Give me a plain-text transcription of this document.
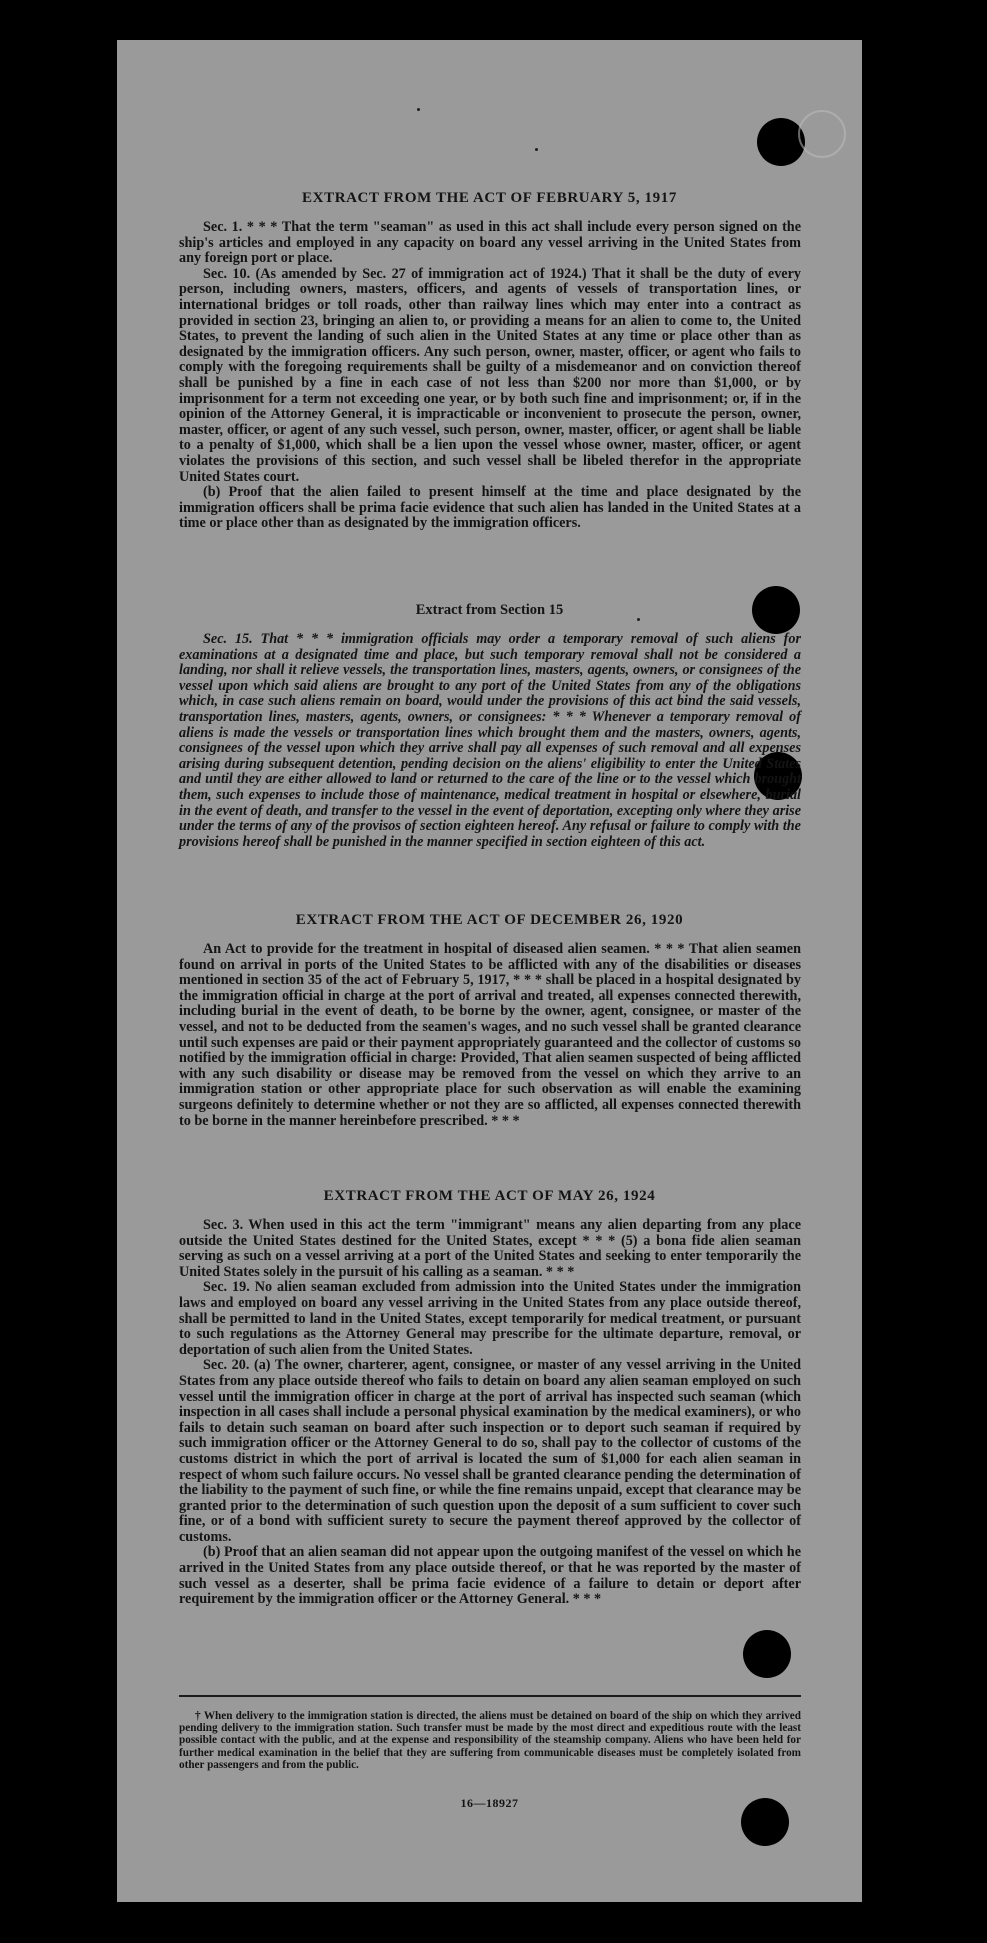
EXTRACT FROM THE ACT OF FEBRUARY 5, 1917

Sec. 1. * * * That the term "seaman" as used in this act shall include every person signed on the ship's articles and employed in any capacity on board any vessel arriving in the United States from any foreign port or place.

Sec. 10. (As amended by Sec. 27 of immigration act of 1924.) That it shall be the duty of every person, including owners, masters, officers, and agents of vessels of transportation lines, or international bridges or toll roads, other than railway lines which may enter into a contract as provided in section 23, bringing an alien to, or providing a means for an alien to come to, the United States, to prevent the landing of such alien in the United States at any time or place other than as designated by the immigration officers. Any such person, owner, master, officer, or agent who fails to comply with the foregoing requirements shall be guilty of a misdemeanor and on conviction thereof shall be punished by a fine in each case of not less than $200 nor more than $1,000, or by imprisonment for a term not exceeding one year, or by both such fine and imprisonment; or, if in the opinion of the Attorney General, it is impracticable or inconvenient to prosecute the person, owner, master, officer, or agent of any such vessel, such person, owner, master, officer, or agent shall be liable to a penalty of $1,000, which shall be a lien upon the vessel whose owner, master, officer, or agent violates the provisions of this section, and such vessel shall be libeled therefor in the appropriate United States court.

(b) Proof that the alien failed to present himself at the time and place designated by the immigration officers shall be prima facie evidence that such alien has landed in the United States at a time or place other than as designated by the immigration officers.

Extract from Section 15

Sec. 15. That * * * immigration officials may order a temporary removal of such aliens for examinations at a designated time and place, but such temporary removal shall not be considered a landing, nor shall it relieve vessels, the transportation lines, masters, agents, owners, or consignees of the vessel upon which said aliens are brought to any port of the United States from any of the obligations which, in case such aliens remain on board, would under the provisions of this act bind the said vessels, transportation lines, masters, agents, owners, or consignees: * * * Whenever a temporary removal of aliens is made the vessels or transportation lines which brought them and the masters, owners, agents, consignees of the vessel upon which they arrive shall pay all expenses of such removal and all expenses arising during subsequent detention, pending decision on the aliens' eligibility to enter the United States and until they are either allowed to land or returned to the care of the line or to the vessel which brought them, such expenses to include those of maintenance, medical treatment in hospital or elsewhere, burial in the event of death, and transfer to the vessel in the event of deportation, excepting only where they arise under the terms of any of the provisos of section eighteen hereof. Any refusal or failure to comply with the provisions hereof shall be punished in the manner specified in section eighteen of this act.

EXTRACT FROM THE ACT OF DECEMBER 26, 1920

An Act to provide for the treatment in hospital of diseased alien seamen. * * * That alien seamen found on arrival in ports of the United States to be afflicted with any of the disabilities or diseases mentioned in section 35 of the act of February 5, 1917, * * * shall be placed in a hospital designated by the immigration official in charge at the port of arrival and treated, all expenses connected therewith, including burial in the event of death, to be borne by the owner, agent, consignee, or master of the vessel, and not to be deducted from the seamen's wages, and no such vessel shall be granted clearance until such expenses are paid or their payment appropriately guaranteed and the collector of customs so notified by the immigration official in charge: Provided, That alien seamen suspected of being afflicted with any such disability or disease may be removed from the vessel on which they arrive to an immigration station or other appropriate place for such observation as will enable the examining surgeons definitely to determine whether or not they are so afflicted, all expenses connected therewith to be borne in the manner hereinbefore prescribed. * * *

EXTRACT FROM THE ACT OF MAY 26, 1924

Sec. 3. When used in this act the term "immigrant" means any alien departing from any place outside the United States destined for the United States, except * * * (5) a bona fide alien seaman serving as such on a vessel arriving at a port of the United States and seeking to enter temporarily the United States solely in the pursuit of his calling as a seaman. * * *

Sec. 19. No alien seaman excluded from admission into the United States under the immigration laws and employed on board any vessel arriving in the United States from any place outside thereof, shall be permitted to land in the United States, except temporarily for medical treatment, or pursuant to such regulations as the Attorney General may prescribe for the ultimate departure, removal, or deportation of such alien from the United States.

Sec. 20. (a) The owner, charterer, agent, consignee, or master of any vessel arriving in the United States from any place outside thereof who fails to detain on board any alien seaman employed on such vessel until the immigration officer in charge at the port of arrival has inspected such seaman (which inspection in all cases shall include a personal physical examination by the medical examiners), or who fails to detain such seaman on board after such inspection or to deport such seaman if required by such immigration officer or the Attorney General to do so, shall pay to the collector of customs of the customs district in which the port of arrival is located the sum of $1,000 for each alien seaman in respect of whom such failure occurs. No vessel shall be granted clearance pending the determination of the liability to the payment of such fine, or while the fine remains unpaid, except that clearance may be granted prior to the determination of such question upon the deposit of a sum sufficient to cover such fine, or of a bond with sufficient surety to secure the payment thereof approved by the collector of customs.

(b) Proof that an alien seaman did not appear upon the outgoing manifest of the vessel on which he arrived in the United States from any place outside thereof, or that he was reported by the master of such vessel as a deserter, shall be prima facie evidence of a failure to detain or deport after requirement by the immigration officer or the Attorney General. * * *

† When delivery to the immigration station is directed, the aliens must be detained on board of the ship on which they arrived pending delivery to the immigration station. Such transfer must be made by the most direct and expeditious route with the least possible contact with the public, and at the expense and responsibility of the steamship company. Aliens who have been held for further medical examination in the belief that they are suffering from communicable diseases must be completely isolated from other passengers and from the public.

16—18927
